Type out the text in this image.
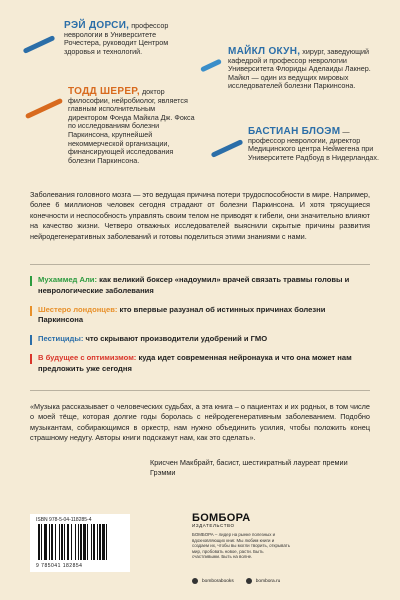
РЭЙ ДОРСИ, профессор неврологии в Университете Рочестера, руководит Центром здоровья и технологий.
ТОДД ШЕРЕР, доктор философии, нейробиолог, является главным исполнительным директором Фонда Майкла Дж. Фокса по исследованиям болезни Паркинсона, крупнейшей некоммерческой организации, финансирующей исследования болезни Паркинсона.
МАЙКЛ ОКУН, хирург, заведующий кафедрой и профессор неврологии Университета Флориды Аделаиды Лакнер. Майкл — один из ведущих мировых исследователей болезни Паркинсона.
БАСТИАН БЛОЭМ — профессор неврологии, директор Медицинского центра Неймегена при Университете Радбоуд в Нидерландах.
Заболевания головного мозга — это ведущая причина потери трудоспособности в мире. Например, более 6 миллионов человек сегодня страдают от болезни Паркинсона. И хотя трясущиеся конечности и неспособность управлять своим телом не приводят к гибели, они значительно влияют на качество жизни. Четверо отважных исследователей выяснили скрытые причины развития нейродегенеративных заболеваний и готовы поделиться этими знаниями с нами.
Мухаммед Али: как великий боксер «надоумил» врачей связать травмы головы и неврологические заболевания
Шестеро лондонцев: кто впервые разузнал об истинных причинах болезни Паркинсона
Пестициды: что скрывают производители удобрений и ГМО
В будущее с оптимизмом: куда идет современная нейронаука и что она может нам предложить уже сегодня
«Музыка рассказывает о человеческих судьбах, а эта книга – о пациентах и их родных, в том числе о моей тёще, которая долгие годы боролась с нейродегенеративным заболеванием. Подобно музыкантам, собирающимся в оркестр, нам нужно объединить усилия, чтобы положить конец страшному недугу. Авторы книги подскажут нам, как это сделать».
Крисчен Макбрайт, басист, шестикратный лауреат премии Грэмми
ISBN 978-5-04-118285-4
9 785041 182854
БОМБОРА
ИЗДАТЕЛЬСТВО
БОМБОРА – лидер на рынке полезных и вдохновляющих книг. Мы любим книги и создаем их, чтобы вы могли творить, открывать мир, пробовать новое, расти. Быть счастливыми. Быть на волне.
bomborabooks	bombora.ru
